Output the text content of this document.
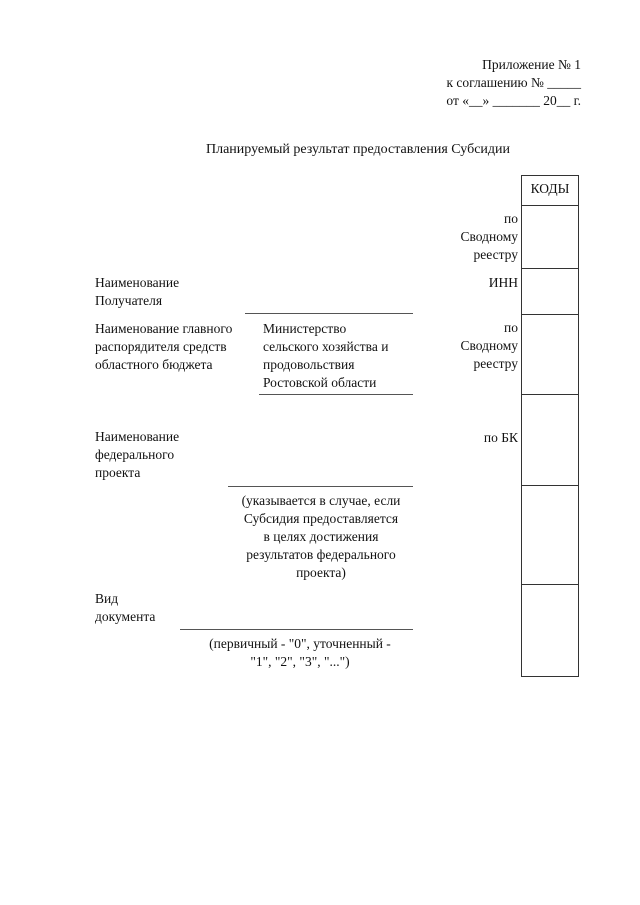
Приложение № 1
к соглашению № _____
от «__» _______ 20__ г.
Планируемый результат предоставления Субсидии
КОДЫ
по
Сводному
реестру
ИНН
по
Сводному
реестру
по БК
Наименование
Получателя
Наименование главного
распорядителя средств
областного бюджета
Министерство
сельского хозяйства и
продовольствия
Ростовской области
Наименование
федерального
проекта
(указывается в случае, если
Субсидия предоставляется
в целях достижения
результатов федерального
проекта)
Вид
документа
(первичный - "0", уточненный -
"1", "2", "3", "...")
